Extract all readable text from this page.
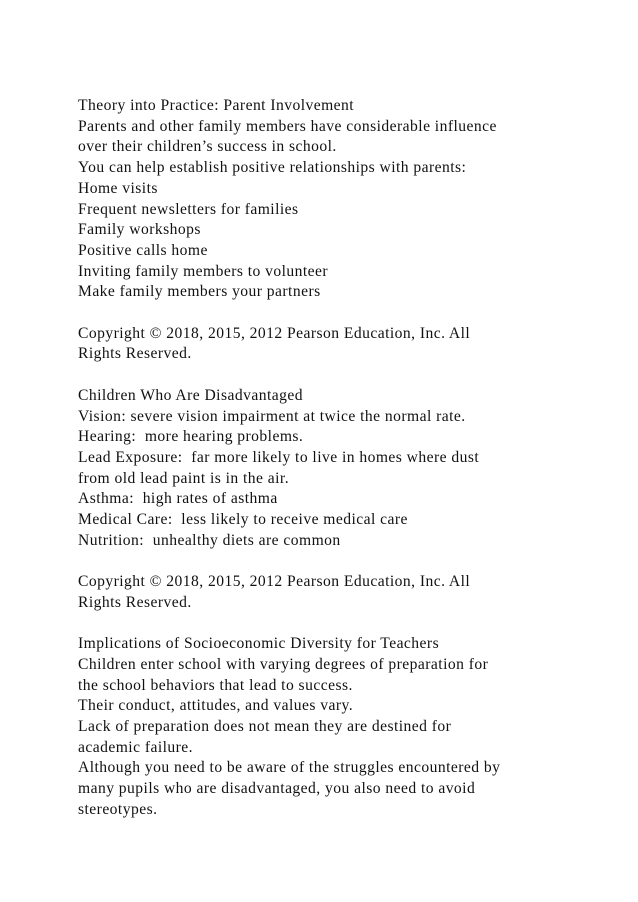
Theory into Practice: Parent Involvement
Parents and other family members have considerable influence
over their children’s success in school.
You can help establish positive relationships with parents:
Home visits
Frequent newsletters for families
Family workshops
Positive calls home
Inviting family members to volunteer
Make family members your partners
Copyright © 2018, 2015, 2012 Pearson Education, Inc. All
Rights Reserved.
Children Who Are Disadvantaged
Vision: severe vision impairment at twice the normal rate.
Hearing:  more hearing problems.
Lead Exposure:  far more likely to live in homes where dust
from old lead paint is in the air.
Asthma:  high rates of asthma
Medical Care:  less likely to receive medical care
Nutrition:  unhealthy diets are common
Copyright © 2018, 2015, 2012 Pearson Education, Inc. All
Rights Reserved.
Implications of Socioeconomic Diversity for Teachers
Children enter school with varying degrees of preparation for
the school behaviors that lead to success.
Their conduct, attitudes, and values vary.
Lack of preparation does not mean they are destined for
academic failure.
Although you need to be aware of the struggles encountered by
many pupils who are disadvantaged, you also need to avoid
stereotypes.
